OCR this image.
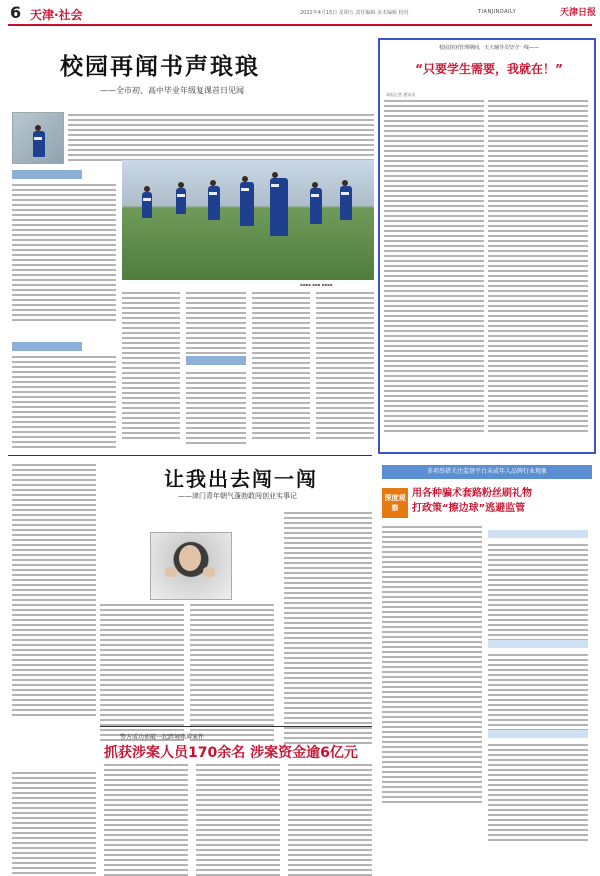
6 天津·社会	2022年4月15日 星期五 责任编辑 美术编辑 校对	TIANJINDAILY	天津日报
校园再闻书声琅琅
——全市初、高中毕业年级复课首日见闻
▪▪▪▪ ▪▪▪ ▪▪▪▪
校园封闭管理期间，天大辅导员坚守一线——
“只要学生需要，我就在！”
本报记者 通讯员
让我出去闯一闯
——津门青年朝气蓬勃敢闯创业实事记
警方成功侦破一起跨境赌博案件
抓获涉案人员170余名 涉案资金逾6亿元
多项举措关注监督平台未成年人品牌行业现象
深度观察
用各种骗术套路粉丝刷礼物
打政策“擦边球”逃避监管
